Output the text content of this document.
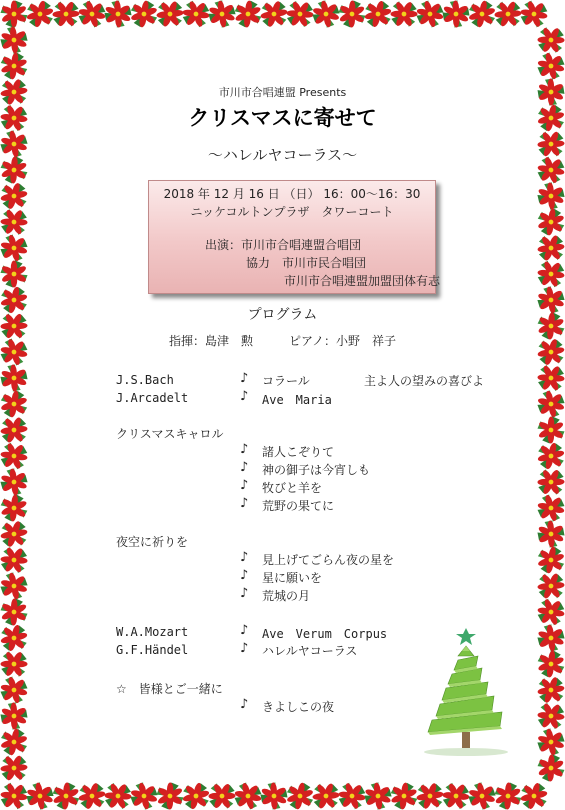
市川市合唱連盟 Presents
クリスマスに寄せて
～ハレルヤコーラス～
2018 年 12 月 16 日 （日） 16：00～16：30
ニッケコルトンプラザ　タワーコート
出演：市川市合唱連盟合唱団
協力　市川市民合唱団
市川市合唱連盟加盟団体有志
プログラム
指揮：島津　勲　　　ピアノ：小野　祥子
J.S.Bach	♪ コラール	主よ人の望みの喜びよ
J.Arcadelt	♪ Ave　Maria
クリスマスキャロル
♪ 諸人こぞりて
♪ 神の御子は今宵しも
♪ 牧びと羊を
♪ 荒野の果てに
夜空に祈りを
♪ 見上げてごらん夜の星を
♪ 星に願いを
♪ 荒城の月
W.A.Mozart	♪ Ave　Verum　Corpus
G.F.Händel	♪ ハレルヤコーラス
☆　皆様とご一緒に
♪ きよしこの夜
